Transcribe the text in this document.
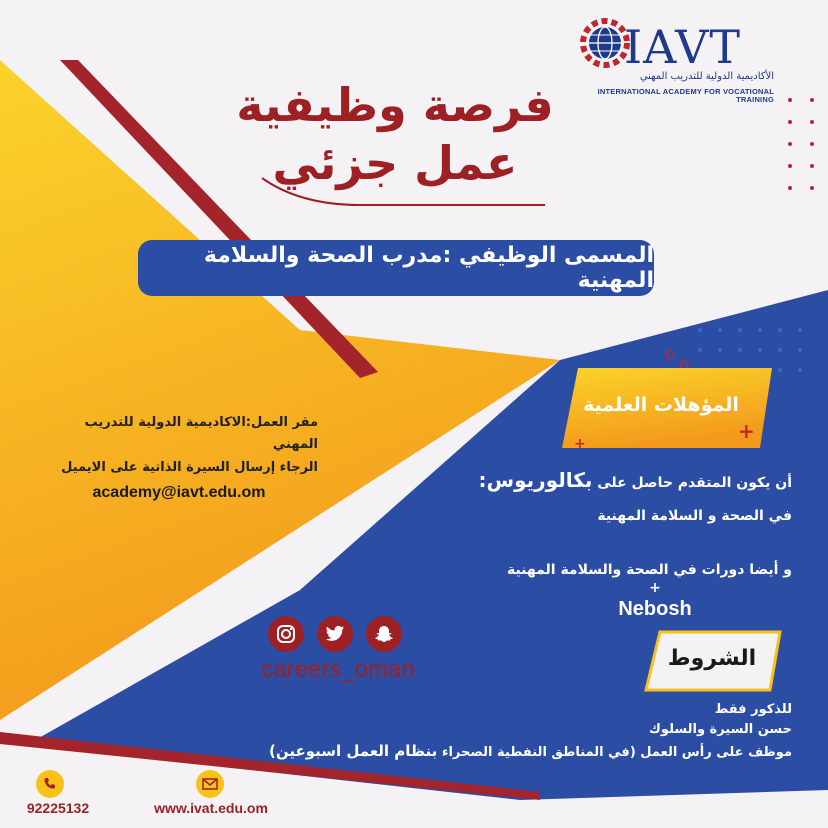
+
+
IAVT
الأكاديمية الدولية للتدريب المهني
INTERNATIONAL ACADEMY FOR VOCATIONAL TRAINING
فرصة وظيفية
عمل جزئي
المسمى الوظيفي :مدرب الصحة والسلامة المهنية
مقر العمل:الاكاديمية الدولية للتدريب المهني
الرجاء إرسال السيرة الذاتية على الايميل
academy@iavt.edu.om
المؤهلات العلمية
أن يكون المتقدم حاصل على بكالوريوس:
في الصحة و السلامة المهنية
و أيضا دورات في الصحة والسلامة المهنية
+
Nebosh
careers_oman	الشروط
للذكور فقط
حسن السيرة والسلوك
موظف على رأس العمل (في المناطق النفطية الصحراء بنظام العمل اسبوعين)
92225132	www.ivat.edu.om
